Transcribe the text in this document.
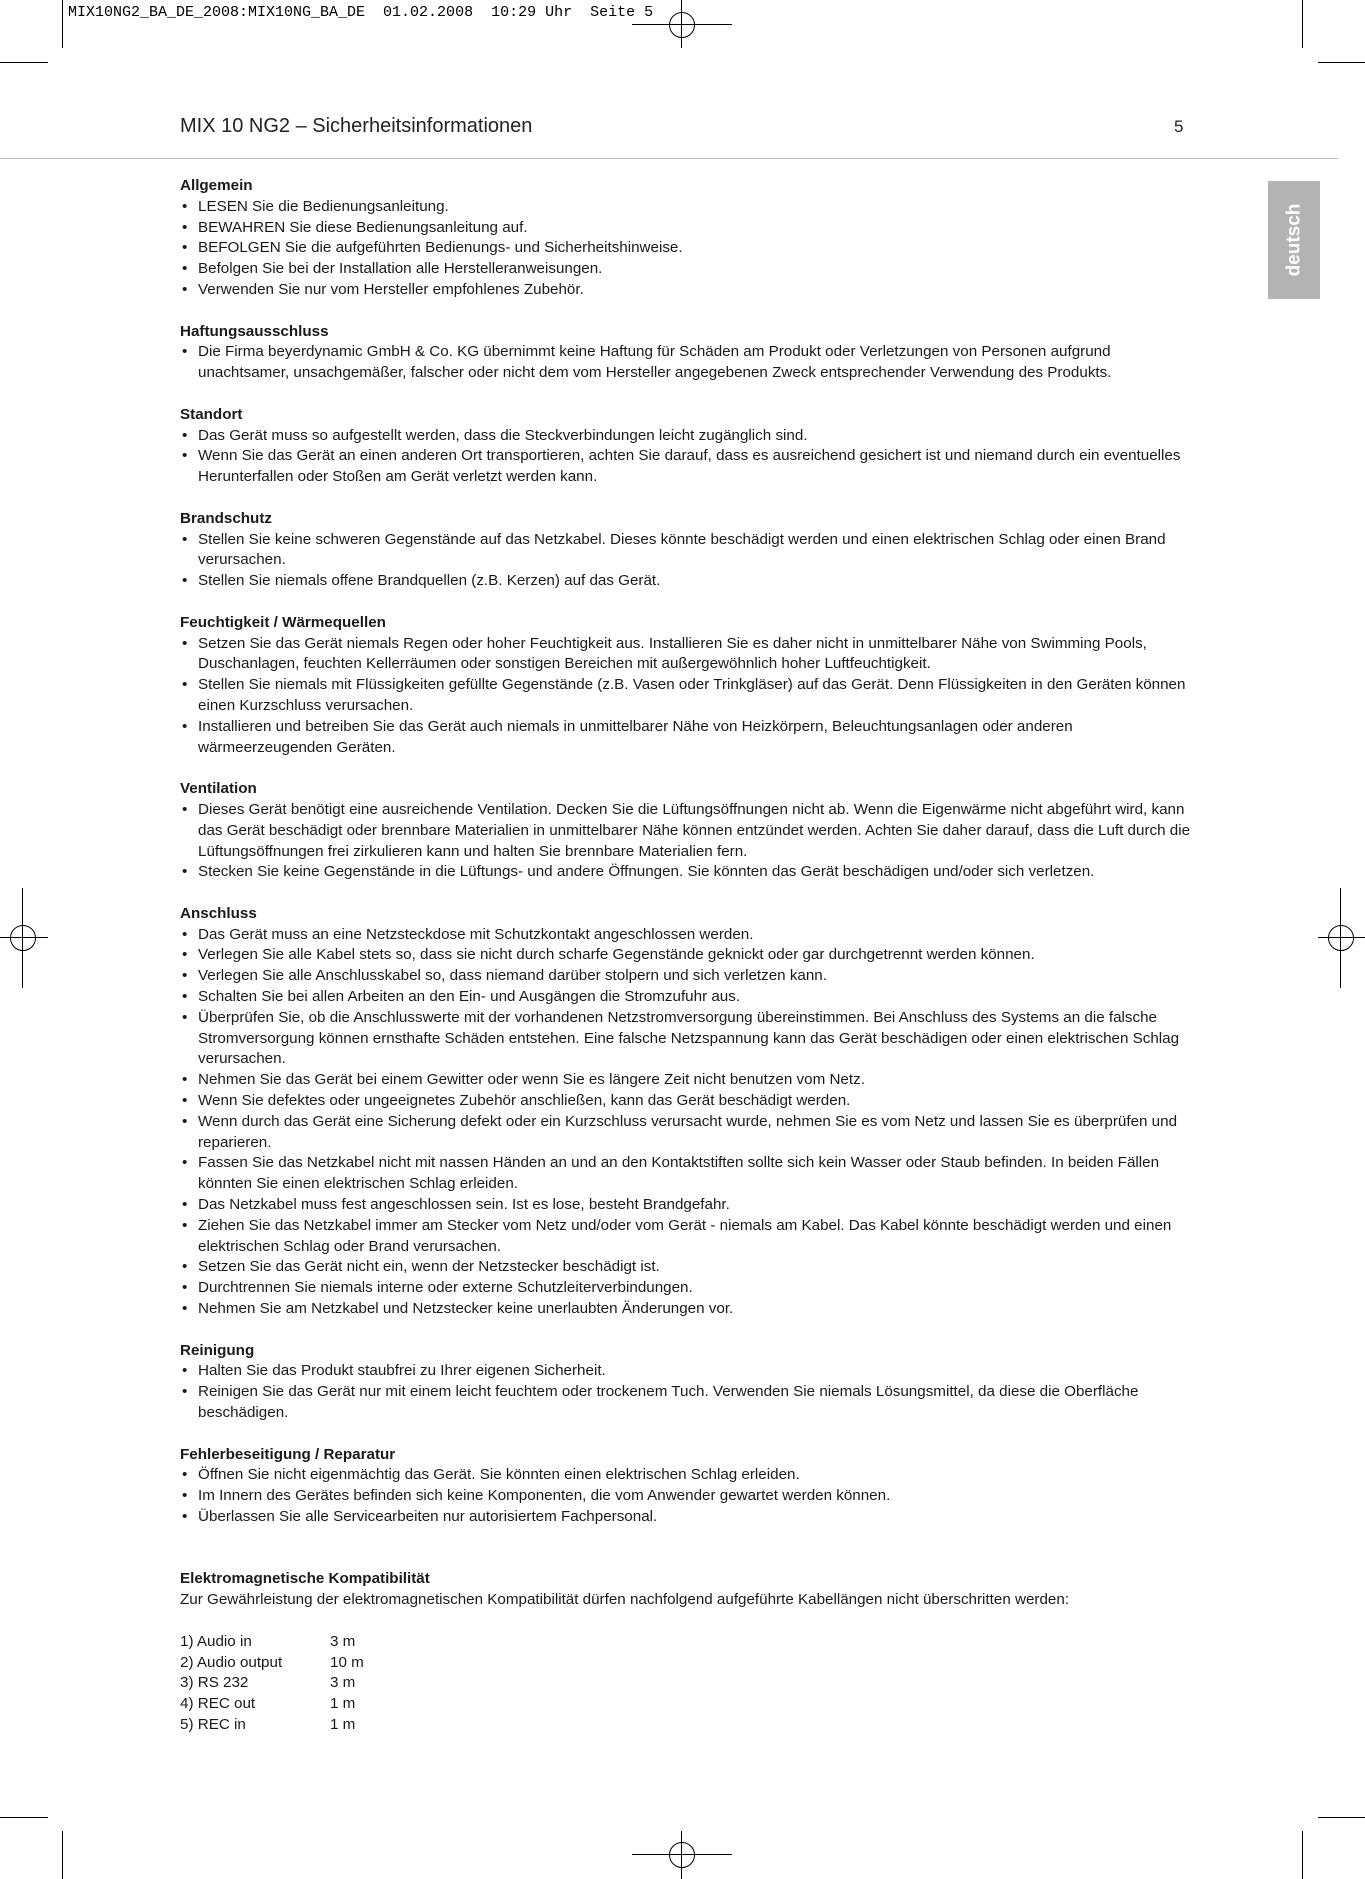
MIX10NG2_BA_DE_2008:MIX10NG_BA_DE  01.02.2008  10:29 Uhr  Seite 5
MIX 10 NG2 – Sicherheitsinformationen	5
deutsch
Allgemein
• LESEN Sie die Bedienungsanleitung.
• BEWAHREN Sie diese Bedienungsanleitung auf.
• BEFOLGEN Sie die aufgeführten Bedienungs- und Sicherheitshinweise.
• Befolgen Sie bei der Installation alle Herstelleranweisungen.
• Verwenden Sie nur vom Hersteller empfohlenes Zubehör.
Haftungsausschluss
• Die Firma beyerdynamic GmbH & Co. KG übernimmt keine Haftung für Schäden am Produkt oder Verletzungen von Personen aufgrund unachtsamer, unsachgemäßer, falscher oder nicht dem vom Hersteller angegebenen Zweck entsprechender Verwendung des Produkts.
Standort
• Das Gerät muss so aufgestellt werden, dass die Steckverbindungen leicht zugänglich sind.
• Wenn Sie das Gerät an einen anderen Ort transportieren, achten Sie darauf, dass es ausreichend gesichert ist und niemand durch ein eventuelles Herunterfallen oder Stoßen am Gerät verletzt werden kann.
Brandschutz
• Stellen Sie keine schweren Gegenstände auf das Netzkabel. Dieses könnte beschädigt werden und einen elektrischen Schlag oder einen Brand verursachen.
• Stellen Sie niemals offene Brandquellen (z.B. Kerzen) auf das Gerät.
Feuchtigkeit / Wärmequellen
• Setzen Sie das Gerät niemals Regen oder hoher Feuchtigkeit aus. Installieren Sie es daher nicht in unmittelbarer Nähe von Swimming Pools, Duschanlagen, feuchten Kellerräumen oder sonstigen Bereichen mit außergewöhnlich hoher Luftfeuchtigkeit.
• Stellen Sie niemals mit Flüssigkeiten gefüllte Gegenstände (z.B. Vasen oder Trinkgläser) auf das Gerät. Denn Flüssigkeiten in den Geräten können einen Kurzschluss verursachen.
• Installieren und betreiben Sie das Gerät auch niemals in unmittelbarer Nähe von Heizkörpern, Beleuchtungsanlagen oder anderen wärmeerzeugenden Geräten.
Ventilation
• Dieses Gerät benötigt eine ausreichende Ventilation. Decken Sie die Lüftungsöffnungen nicht ab. Wenn die Eigenwärme nicht abgeführt wird, kann das Gerät beschädigt oder brennbare Materialien in unmittelbarer Nähe können entzündet werden. Achten Sie daher darauf, dass die Luft durch die Lüftungsöffnungen frei zirkulieren kann und halten Sie brennbare Materialien fern.
• Stecken Sie keine Gegenstände in die Lüftungs- und andere Öffnungen. Sie könnten das Gerät beschädigen und/oder sich verletzen.
Anschluss
• Das Gerät muss an eine Netzsteckdose mit Schutzkontakt angeschlossen werden.
• Verlegen Sie alle Kabel stets so, dass sie nicht durch scharfe Gegenstände geknickt oder gar durchgetrennt werden können.
• Verlegen Sie alle Anschlusskabel so, dass niemand darüber stolpern und sich verletzen kann.
• Schalten Sie bei allen Arbeiten an den Ein- und Ausgängen die Stromzufuhr aus.
• Überprüfen Sie, ob die Anschlusswerte mit der vorhandenen Netzstromversorgung übereinstimmen. Bei Anschluss des Systems an die falsche Stromversorgung können ernsthafte Schäden entstehen. Eine falsche Netzspannung kann das Gerät beschädigen oder einen elektrischen Schlag verursachen.
• Nehmen Sie das Gerät bei einem Gewitter oder wenn Sie es längere Zeit nicht benutzen vom Netz.
• Wenn Sie defektes oder ungeeignetes Zubehör anschließen, kann das Gerät beschädigt werden.
• Wenn durch das Gerät eine Sicherung defekt oder ein Kurzschluss verursacht wurde, nehmen Sie es vom Netz und lassen Sie es überprüfen und reparieren.
• Fassen Sie das Netzkabel nicht mit nassen Händen an und an den Kontaktstiften sollte sich kein Wasser oder Staub befinden. In beiden Fällen könnten Sie einen elektrischen Schlag erleiden.
• Das Netzkabel muss fest angeschlossen sein. Ist es lose, besteht Brandgefahr.
• Ziehen Sie das Netzkabel immer am Stecker vom Netz und/oder vom Gerät - niemals am Kabel. Das Kabel könnte beschädigt werden und einen elektrischen Schlag oder Brand verursachen.
• Setzen Sie das Gerät nicht ein, wenn der Netzstecker beschädigt ist.
• Durchtrennen Sie niemals interne oder externe Schutzleiterverbindungen.
• Nehmen Sie am Netzkabel und Netzstecker keine unerlaubten Änderungen vor.
Reinigung
• Halten Sie das Produkt staubfrei zu Ihrer eigenen Sicherheit.
• Reinigen Sie das Gerät nur mit einem leicht feuchtem oder trockenem Tuch. Verwenden Sie niemals Lösungsmittel, da diese die Oberfläche beschädigen.
Fehlerbeseitigung / Reparatur
• Öffnen Sie nicht eigenmächtig das Gerät. Sie könnten einen elektrischen Schlag erleiden.
• Im Innern des Gerätes befinden sich keine Komponenten, die vom Anwender gewartet werden können.
• Überlassen Sie alle Servicearbeiten nur autorisiertem Fachpersonal.
Elektromagnetische Kompatibilität
Zur Gewährleistung der elektromagnetischen Kompatibilität dürfen nachfolgend aufgeführte Kabellängen nicht überschritten werden:
1) Audio in	3 m
2) Audio output	10 m
3) RS 232	3 m
4) REC out	1 m
5) REC in	1 m
